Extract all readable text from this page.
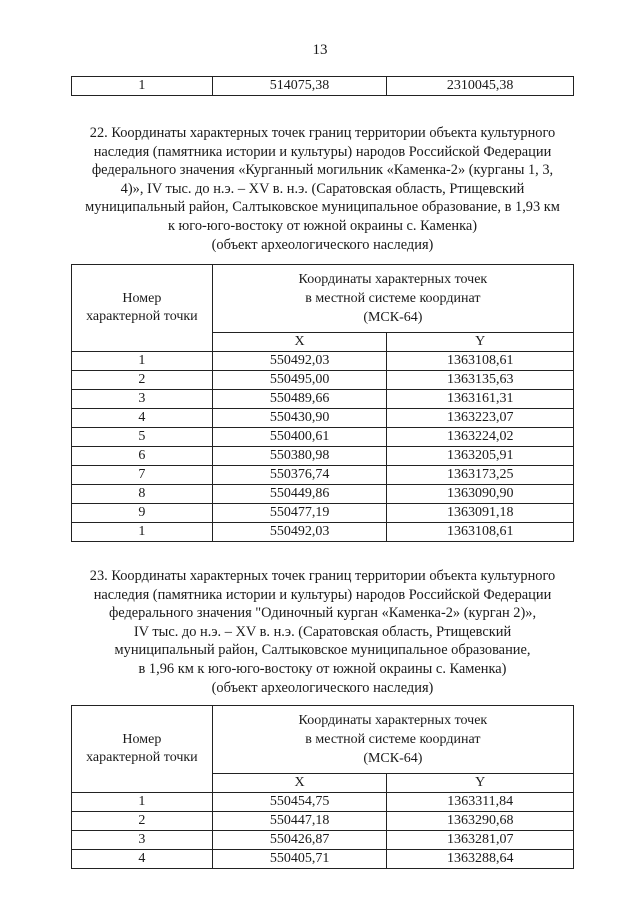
13
1	514075,38	2310045,38
22. Координаты характерных точек границ территории объекта культурного
наследия (памятника истории и культуры) народов Российской Федерации
федерального значения «Курганный могильник «Каменка-2» (курганы 1, 3,
4)», IV тыс. до н.э. – XV в. н.э. (Саратовская область, Ртищевский
муниципальный район, Салтыковское муниципальное образование, в 1,93 км
к юго-юго-востоку от южной окраины с. Каменка)
(объект археологического наследия)
Номер
характерной точки	Координаты характерных точек
в местной системе координат
(МСК-64)	

	X	Y
1	550492,03	1363108,61
2	550495,00	1363135,63
3	550489,66	1363161,31
4	550430,90	1363223,07
5	550400,61	1363224,02
6	550380,98	1363205,91
7	550376,74	1363173,25
8	550449,86	1363090,90
9	550477,19	1363091,18
1	550492,03	1363108,61
23. Координаты характерных точек границ территории объекта культурного
наследия (памятника истории и культуры) народов Российской Федерации
федерального значения "Одиночный курган «Каменка-2» (курган 2)»,
IV тыс. до н.э. – XV в. н.э. (Саратовская область, Ртищевский
муниципальный район, Салтыковское муниципальное образование,
в 1,96 км к юго-юго-востоку от южной окраины с. Каменка)
(объект археологического наследия)
Номер
характерной точки	Координаты характерных точек
в местной системе координат
(МСК-64)	

	X	Y
1	550454,75	1363311,84
2	550447,18	1363290,68
3	550426,87	1363281,07
4	550405,71	1363288,64
